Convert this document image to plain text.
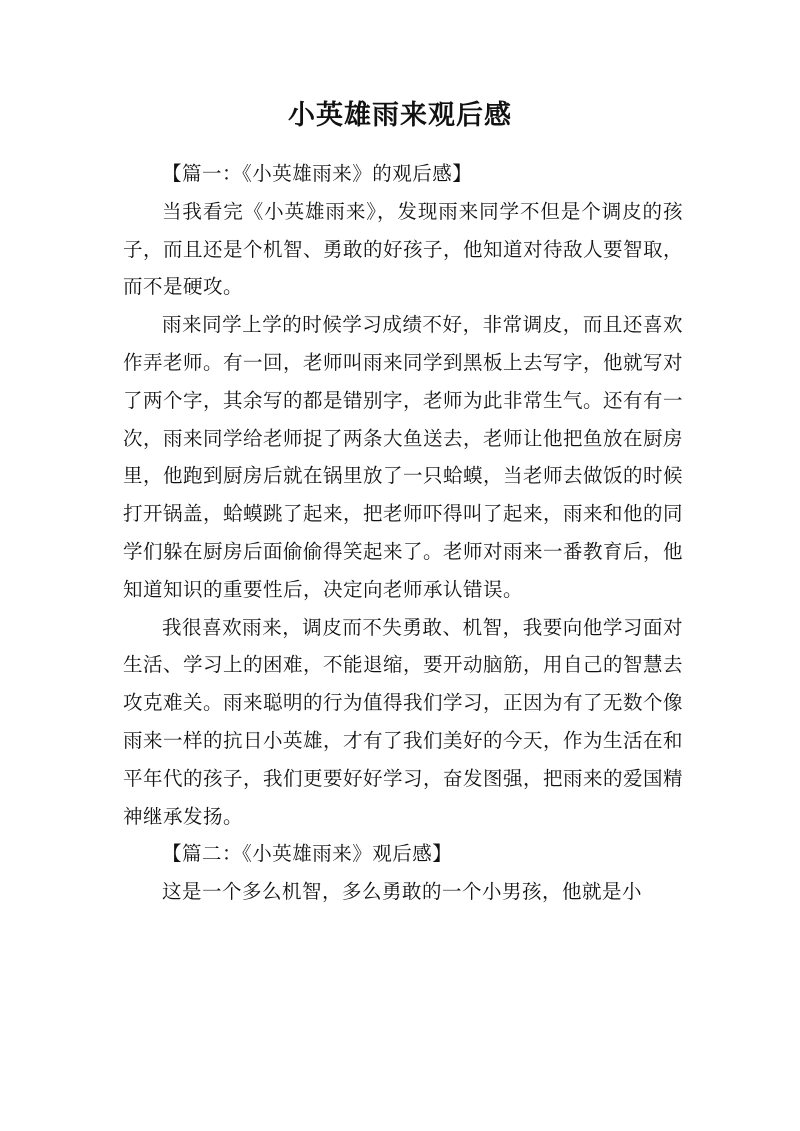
小英雄雨来观后感

【篇一：《小英雄雨来》的观后感】

当我看完《小英雄雨来》，发现雨来同学不但是个调皮的孩子，而且还是个机智、勇敢的好孩子，他知道对待敌人要智取，而不是硬攻。

雨来同学上学的时候学习成绩不好，非常调皮，而且还喜欢作弄老师。有一回，老师叫雨来同学到黑板上去写字，他就写对了两个字，其余写的都是错别字，老师为此非常生气。还有有一次，雨来同学给老师捉了两条大鱼送去，老师让他把鱼放在厨房里，他跑到厨房后就在锅里放了一只蛤蟆，当老师去做饭的时候打开锅盖，蛤蟆跳了起来，把老师吓得叫了起来，雨来和他的同学们躲在厨房后面偷偷得笑起来了。老师对雨来一番教育后，他知道知识的重要性后，决定向老师承认错误。

我很喜欢雨来，调皮而不失勇敢、机智，我要向他学习面对生活、学习上的困难，不能退缩，要开动脑筋，用自己的智慧去攻克难关。雨来聪明的行为值得我们学习，正因为有了无数个像雨来一样的抗日小英雄，才有了我们美好的今天，作为生活在和平年代的孩子，我们更要好好学习，奋发图强，把雨来的爱国精神继承发扬。

【篇二：《小英雄雨来》观后感】

这是一个多么机智，多么勇敢的一个小男孩，他就是小
